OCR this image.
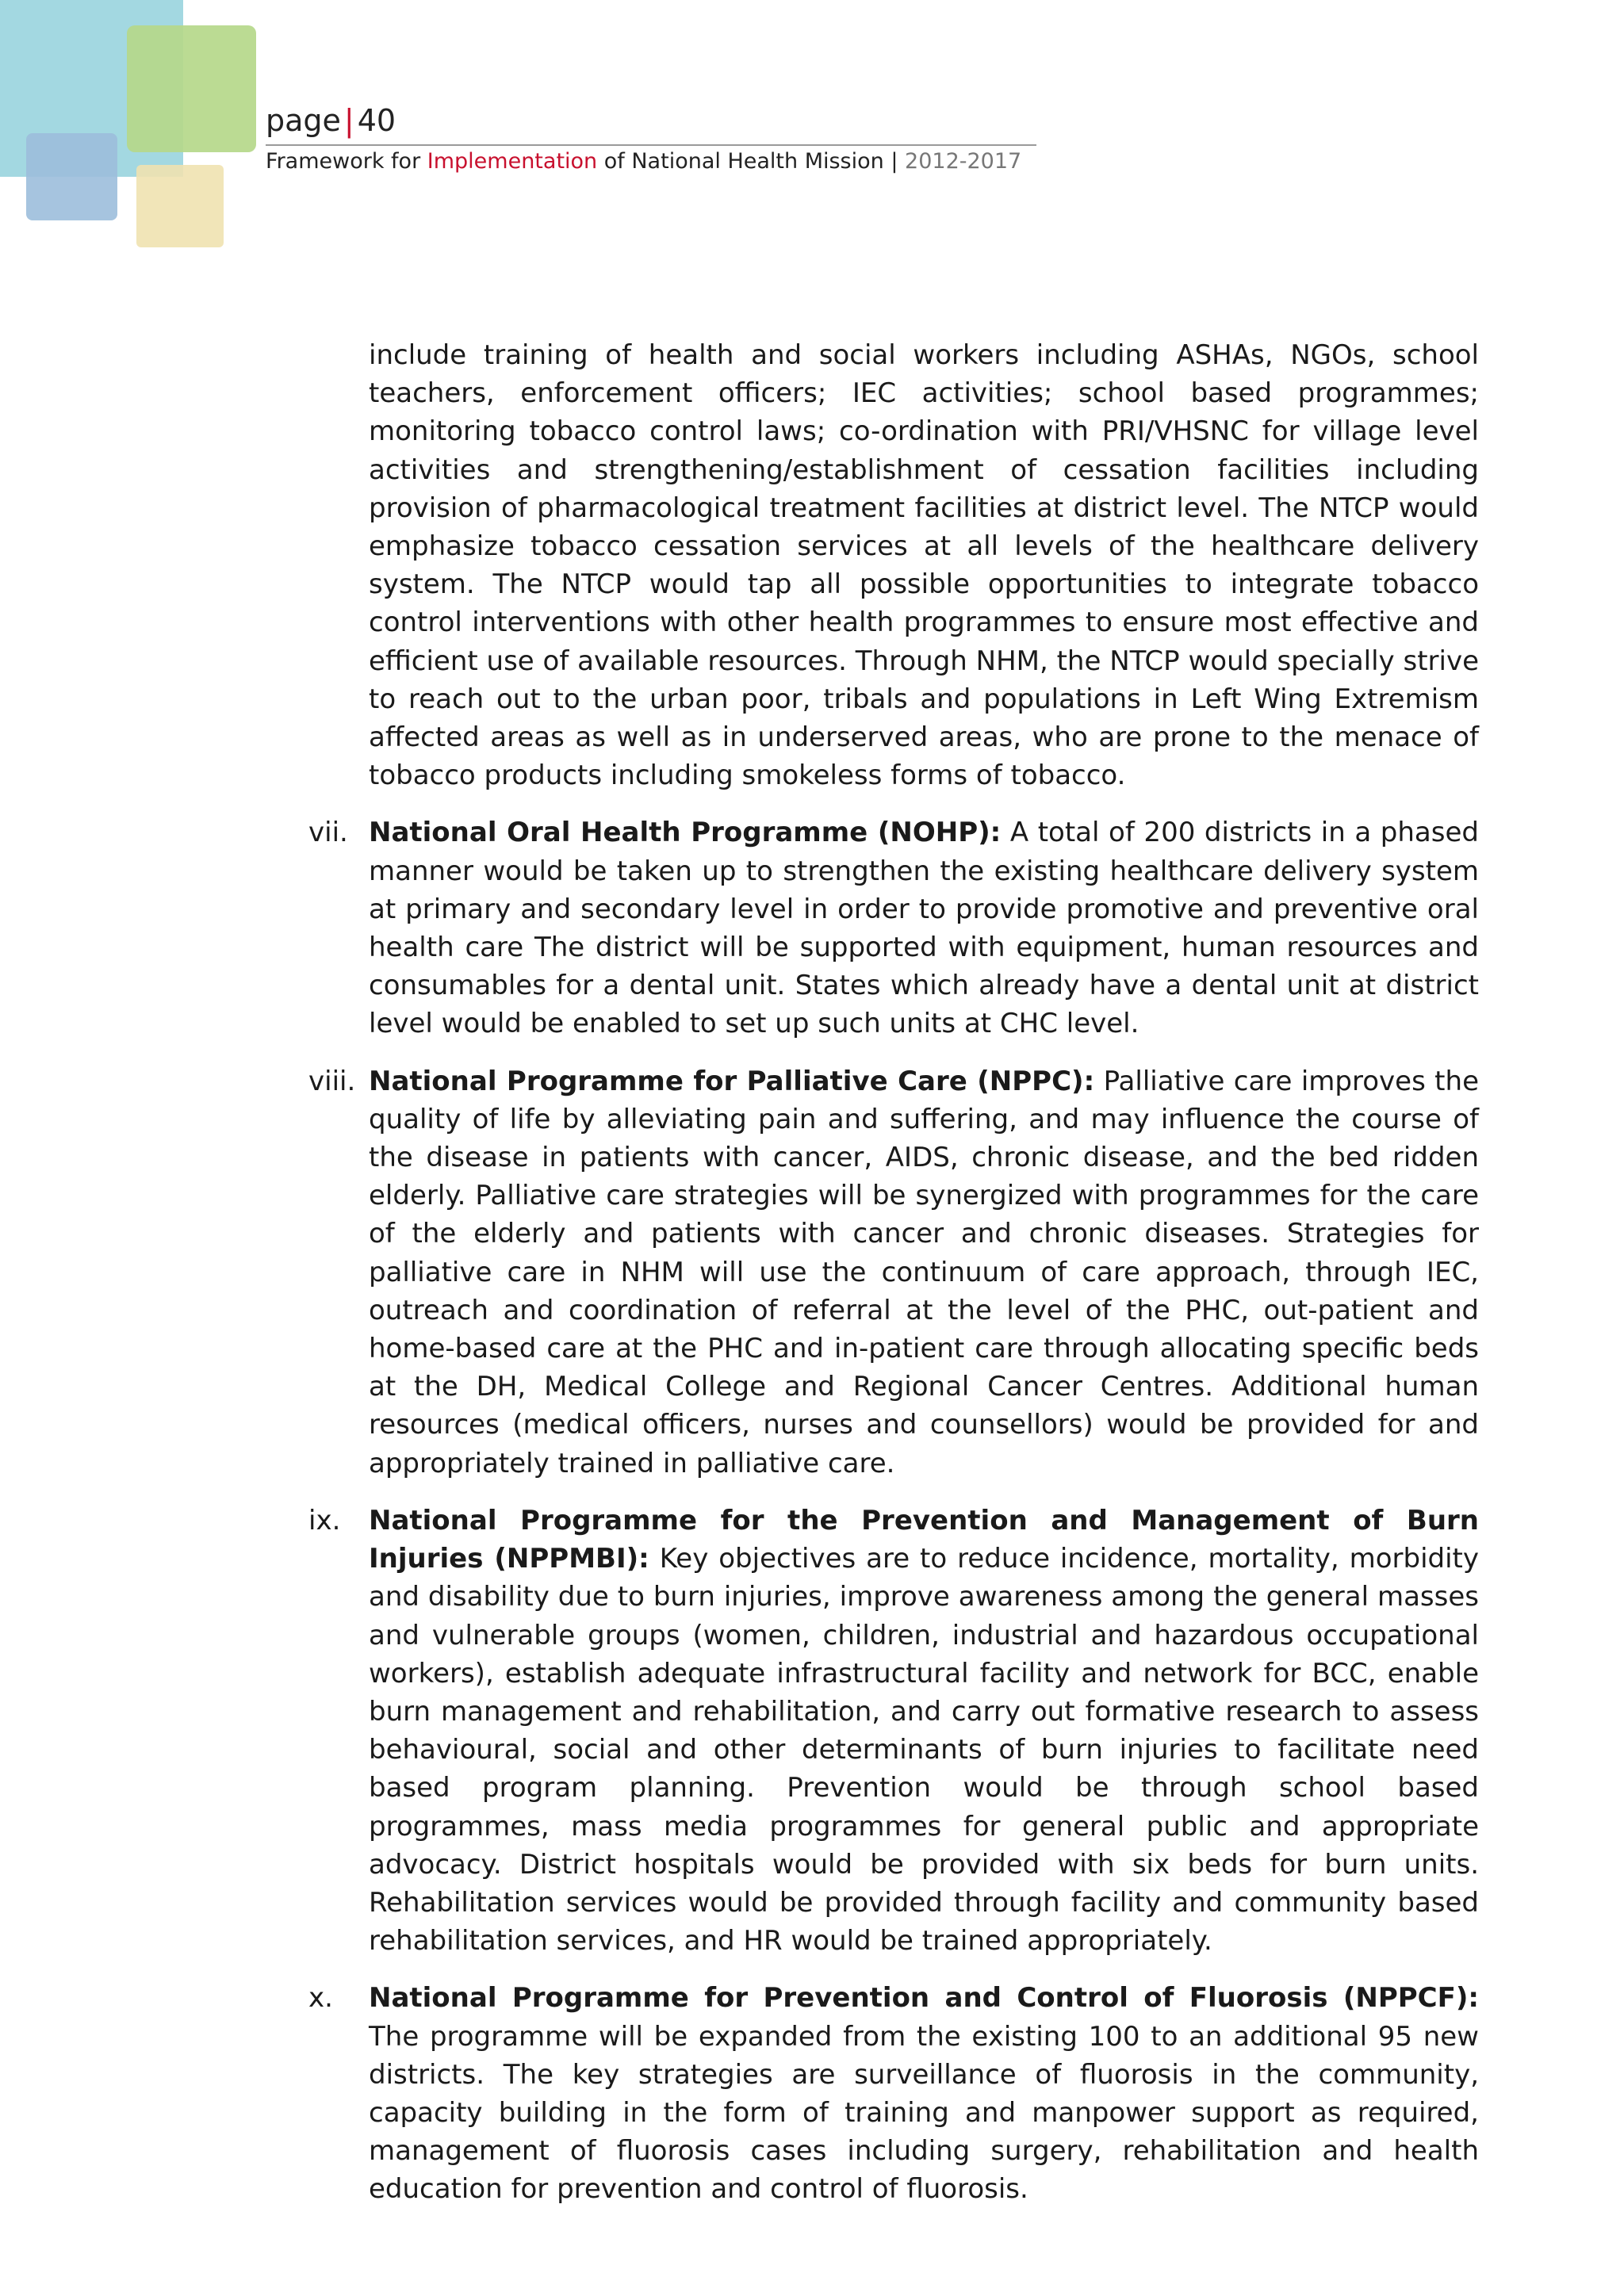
page | 40
Framework for Implementation of National Health Mission | 2012-2017

include training of health and social workers including ASHAs, NGOs, school teachers, enforcement officers; IEC activities; school based programmes; monitoring tobacco control laws; co-ordination with PRI/VHSNC for village level activities and strengthening/establishment of cessation facilities including provision of pharmacological treatment facilities at district level. The NTCP would emphasize tobacco cessation services at all levels of the healthcare delivery system. The NTCP would tap all possible opportunities to integrate tobacco control interventions with other health programmes to ensure most effective and efficient use of available resources. Through NHM, the NTCP would specially strive to reach out to the urban poor, tribals and populations in Left Wing Extremism affected areas as well as in underserved areas, who are prone to the menace of tobacco products including smokeless forms of tobacco.

vii. National Oral Health Programme (NOHP): A total of 200 districts in a phased manner would be taken up to strengthen the existing healthcare delivery system at primary and secondary level in order to provide promotive and preventive oral health care The district will be supported with equipment, human resources and consumables for a dental unit. States which already have a dental unit at district level would be enabled to set up such units at CHC level.

viii. National Programme for Palliative Care (NPPC): Palliative care improves the quality of life by alleviating pain and suffering, and may influence the course of the disease in patients with cancer, AIDS, chronic disease, and the bed ridden elderly. Palliative care strategies will be synergized with programmes for the care of the elderly and patients with cancer and chronic diseases. Strategies for palliative care in NHM will use the continuum of care approach, through IEC, outreach and coordination of referral at the level of the PHC, out-patient and home-based care at the PHC and in-patient care through allocating specific beds at the DH, Medical College and Regional Cancer Centres. Additional human resources (medical officers, nurses and counsellors) would be provided for and appropriately trained in palliative care.

ix.	National Programme for the Prevention and Management of Burn Injuries (NPPMBI): Key objectives are to reduce incidence, mortality, morbidity and disability due to burn injuries, improve awareness among the general masses and vulnerable groups (women, children, industrial and hazardous occupational workers), establish adequate infrastructural facility and network for BCC, enable burn management and rehabilitation, and carry out formative research to assess behavioural, social and other determinants of burn injuries to facilitate need based program planning. Prevention would be through school based programmes, mass media programmes for general public and appropriate advocacy. District hospitals would be provided with six beds for burn units. Rehabilitation services would be provided through facility and community based rehabilitation services, and HR would be trained appropriately.

x.	National Programme for Prevention and Control of Fluorosis (NPPCF): The programme will be expanded from the existing 100 to an additional 95 new districts. The key strategies are surveillance of fluorosis in the community, capacity building in the form of training and manpower support as required, management of fluorosis cases including surgery, rehabilitation and health education for prevention and control of fluorosis.
